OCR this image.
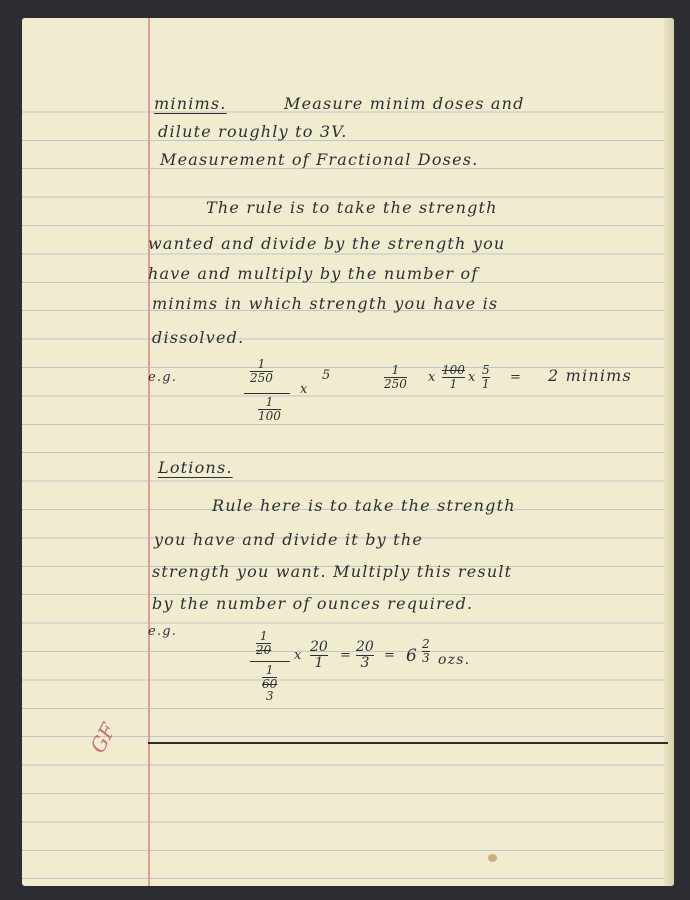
minims.	Measure minim doses and
dilute roughly to 3V.
Measurement of Fractional Doses.
The rule is to take the strength
wanted and divide by the strength you
have and multiply by the number of
minims in which strength you have is
dissolved.
e.g.
1
250
1
100
x
5	1
250 x 100
1 x 5
1 = 2 minims
Lotions.
Rule here is to take the strength
you have and divide it by the
strength you want. Multiply this result
by the number of ounces required.
e.g.	1
20
1
60
3
x
20
1 =
20
3 = 6
2
3 ozs.
GF
